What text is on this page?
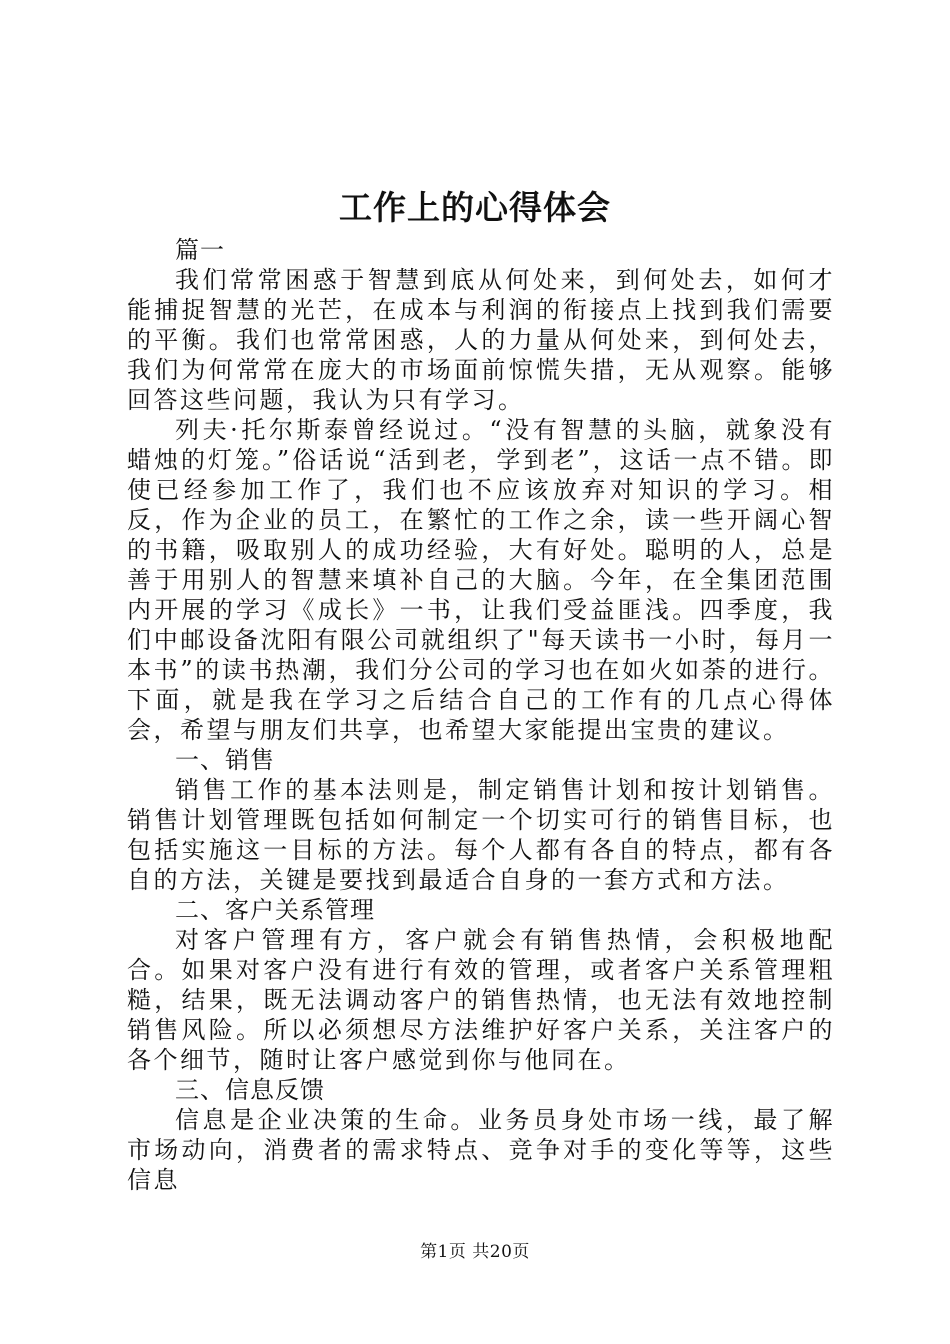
工作上的心得体会

篇一

我们常常困惑于智慧到底从何处来，到何处去，如何才能捕捉智慧的光芒，在成本与利润的衔接点上找到我们需要的平衡。我们也常常困惑，人的力量从何处来，到何处去，我们为何常常在庞大的市场面前惊慌失措，无从观察。能够回答这些问题，我认为只有学习。

列夫·托尔斯泰曾经说过。“没有智慧的头脑，就象没有蜡烛的灯笼。”俗话说“活到老，学到老”，这话一点不错。即使已经参加工作了，我们也不应该放弃对知识的学习。相反，作为企业的员工，在繁忙的工作之余，读一些开阔心智的书籍，吸取别人的成功经验，大有好处。聪明的人，总是善于用别人的智慧来填补自己的大脑。今年，在全集团范围内开展的学习《成长》一书，让我们受益匪浅。四季度，我们中邮设备沈阳有限公司就组织了"每天读书一小时，每月一本书”的读书热潮，我们分公司的学习也在如火如荼的进行。下面，就是我在学习之后结合自己的工作有的几点心得体会，希望与朋友们共享，也希望大家能提出宝贵的建议。

一、销售

销售工作的基本法则是，制定销售计划和按计划销售。销售计划管理既包括如何制定一个切实可行的销售目标，也包括实施这一目标的方法。每个人都有各自的特点，都有各自的方法，关键是要找到最适合自身的一套方式和方法。

二、客户关系管理

对客户管理有方，客户就会有销售热情，会积极地配合。如果对客户没有进行有效的管理，或者客户关系管理粗糙，结果，既无法调动客户的销售热情，也无法有效地控制销售风险。所以必须想尽方法维护好客户关系，关注客户的各个细节，随时让客户感觉到你与他同在。

三、信息反馈

信息是企业决策的生命。业务员身处市场一线，最了解市场动向，消费者的需求特点、竞争对手的变化等等，这些信息

第1页 共20页
